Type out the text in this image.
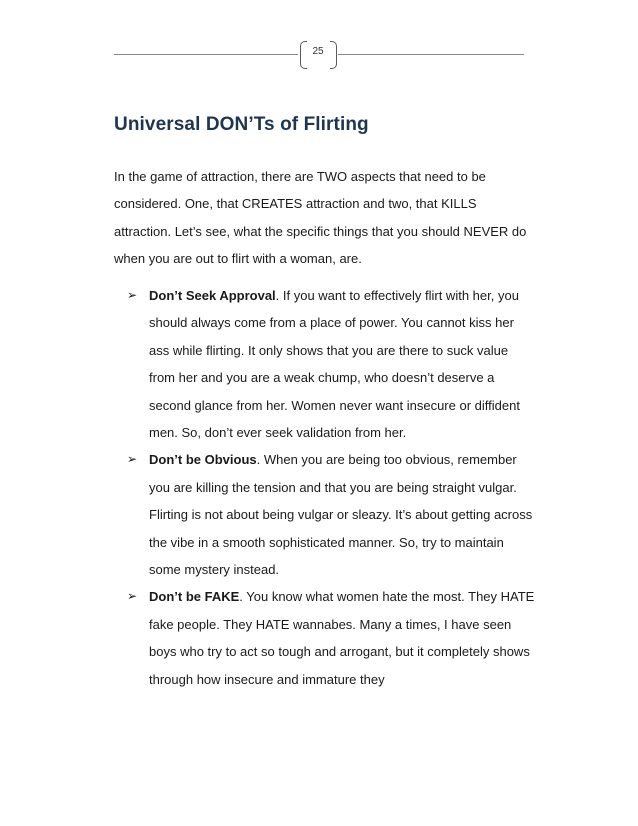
25
Universal DON’Ts of Flirting

In the game of attraction, there are TWO aspects that need to be considered. One, that CREATES attraction and two, that KILLS attraction. Let’s see, what the specific things that you should NEVER do when you are out to flirt with a woman, are.

➢ Don’t Seek Approval. If you want to effectively flirt with her, you should always come from a place of power. You cannot kiss her ass while flirting. It only shows that you are there to suck value from her and you are a weak chump, who doesn’t deserve a second glance from her. Women never want insecure or diffident men. So, don’t ever seek validation from her.
➢ Don’t be Obvious. When you are being too obvious, remember you are killing the tension and that you are being straight vulgar. Flirting is not about being vulgar or sleazy. It’s about getting across the vibe in a smooth sophisticated manner. So, try to maintain some mystery instead.
➢ Don’t be FAKE. You know what women hate the most. They HATE fake people. They HATE wannabes. Many a times, I have seen boys who try to act so tough and arrogant, but it completely shows through how insecure and immature they
